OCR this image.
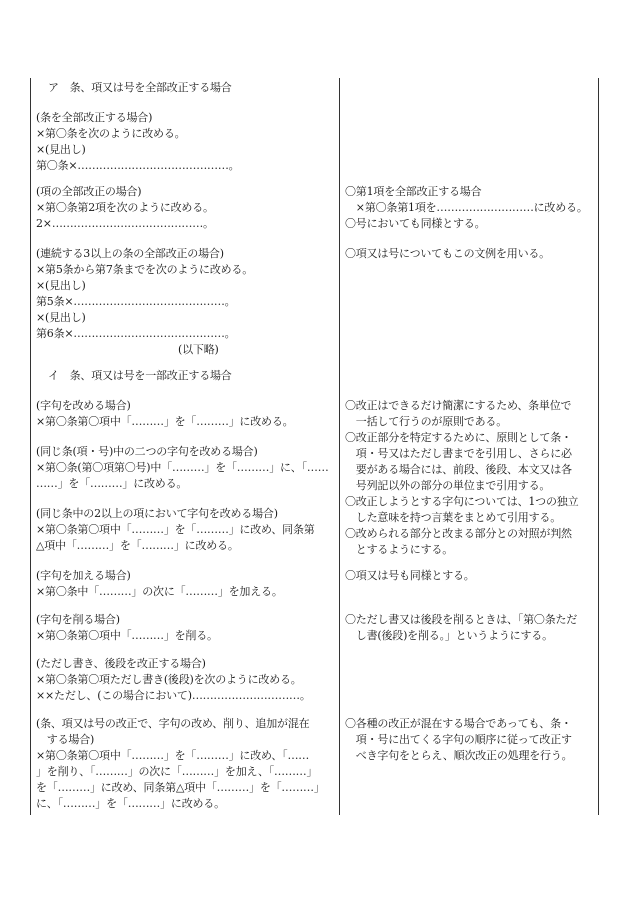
ア　条、項又は号を全部改正する場合
(条を全部改正する場合)
×第〇条を次のように改める。
×(見出し)
第〇条×……………………………………。
(項の全部改正の場合)
×第〇条第2項を次のように改める。
2×……………………………………。
(連続する3以上の条の全部改正の場合)
×第5条から第7条までを次のように改める。
×(見出し)
第5条×……………………………………。
×(見出し)
第6条×……………………………………。
(以下略)
イ　条、項又は号を一部改正する場合
(字句を改める場合)
×第〇条第〇項中「………」を「………」に改める。
(同じ条(項・号)中の二つの字句を改める場合)
×第〇条(第〇項第〇号)中「………」を「………」に、「……
……」を「………」に改める。
(同じ条中の2以上の項において字句を改める場合)
×第〇条第〇項中「………」を「………」に改め、同条第
△項中「………」を「………」に改める。
(字句を加える場合)
×第〇条中「………」の次に「………」を加える。
(字句を削る場合)
×第〇条第〇項中「………」を削る。
(ただし書き、後段を改正する場合)
×第〇条第〇項ただし書き(後段)を次のように改める。
××ただし、(この場合において)…………………………。
(条、項又は号の改正で、字句の改め、削り、追加が混在
　する場合)
×第〇条第〇項中「………」を「………」に改め、「……
」を削り、「………」の次に「………」を加え、「………」
を「………」に改め、同条第△項中「………」を「………」
に、「………」を「………」に改める。
〇第1項を全部改正する場合
　×第〇条第1項を………………………に改める。
〇号においても同様とする。
〇項又は号についてもこの文例を用いる。
〇改正はできるだけ簡潔にするため、条単位で
　一括して行うのが原則である。
〇改正部分を特定するために、原則として条・
　項・号又はただし書までを引用し、さらに必
　要がある場合には、前段、後段、本文又は各
　号列記以外の部分の単位まで引用する。
〇改正しようとする字句については、1つの独立
　した意味を持つ言葉をまとめて引用する。
〇改められる部分と改まる部分との対照が判然
　とするようにする。
〇項又は号も同様とする。
〇ただし書又は後段を削るときは、「第〇条ただ
　し書(後段)を削る。」というようにする。
〇各種の改正が混在する場合であっても、条・
　項・号に出てくる字句の順序に従って改正す
　べき字句をとらえ、順次改正の処理を行う。
